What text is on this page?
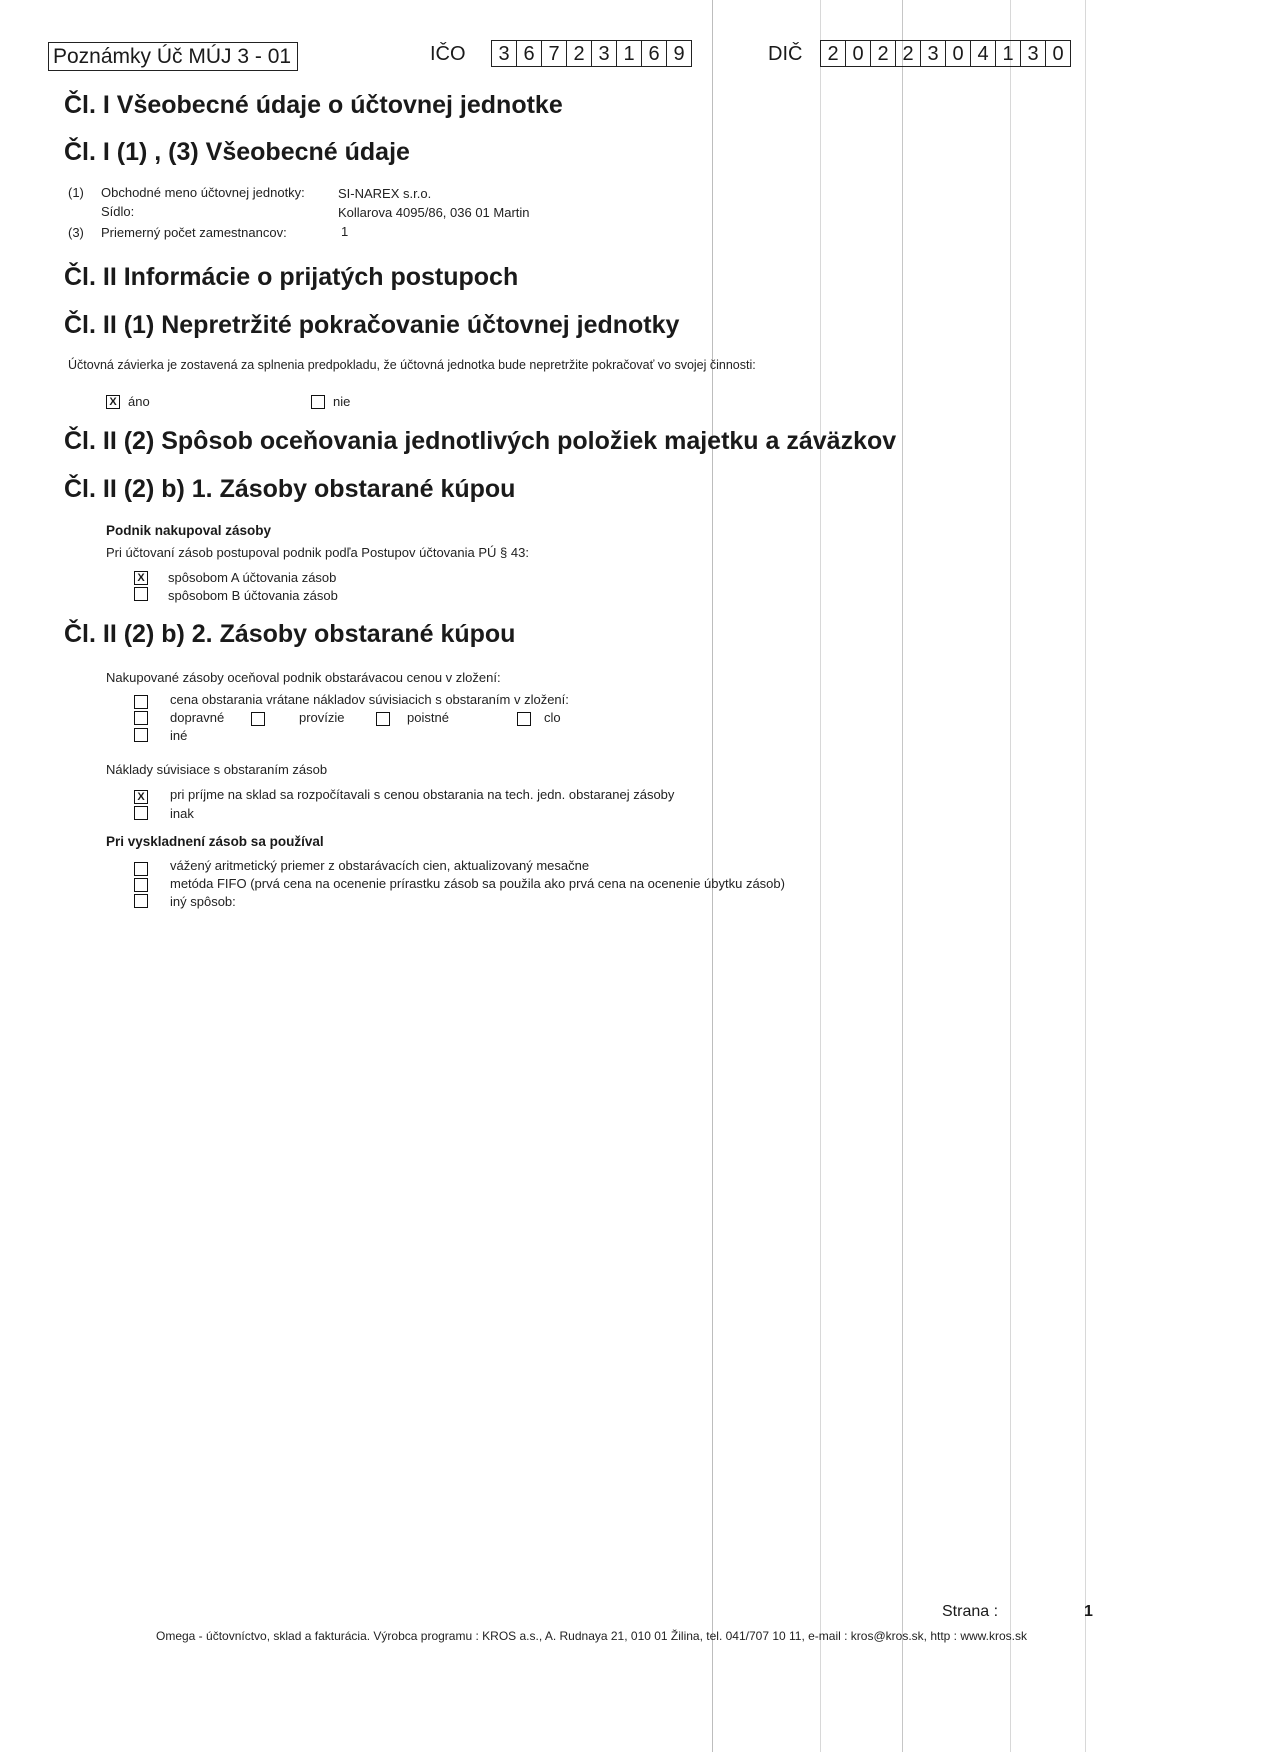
Poznámky Úč MÚJ 3 - 01	IČO	3 6 7 2 3 1 6 9	DIČ	2 0 2 2 3 0 4 1 3 0
Čl. I Všeobecné údaje o účtovnej jednotke
Čl. I (1) , (3) Všeobecné údaje
(1) Obchodné meno účtovnej jednotky:	SI-NAREX s.r.o.
Sídlo:	Kollarova 4095/86, 036 01 Martin
(3) Priemerný počet zamestnancov:	1
Čl. II Informácie o prijatých postupoch
Čl. II (1) Nepretržité pokračovanie účtovnej jednotky
Účtovná závierka je zostavená za splnenia predpokladu, že účtovná jednotka bude nepretržite pokračovať vo svojej činnosti:
X áno	nie
Čl. II (2) Spôsob oceňovania jednotlivých položiek majetku a záväzkov
Čl. II (2) b) 1. Zásoby obstarané kúpou
Podnik nakupoval zásoby
Pri účtovaní zásob postupoval podnik podľa Postupov účtovania PÚ § 43:
X spôsobom A účtovania zásob
spôsobom B účtovania zásob
Čl. II (2) b) 2. Zásoby obstarané kúpou
Nakupované zásoby oceňoval podnik obstarávacou cenou v zložení:
cena obstarania vrátane nákladov súvisiacich s obstaraním v zložení:
dopravné	provízie	poistné	clo
iné
Náklady súvisiace s obstaraním zásob
X pri príjme na sklad sa rozpočítavali s cenou obstarania na tech. jedn. obstaranej zásoby
inak
Pri vyskladnení zásob sa používal
vážený aritmetický priemer z obstarávacích cien, aktualizovaný mesačne
metóda FIFO (prvá cena na ocenenie prírastku zásob sa použila ako prvá cena na ocenenie úbytku zásob)
iný spôsob:
Strana :	1
Omega - účtovníctvo, sklad a fakturácia. Výrobca programu : KROS a.s., A. Rudnaya 21, 010 01 Žilina, tel. 041/707 10 11, e-mail : kros@kros.sk, http : www.kros.sk
